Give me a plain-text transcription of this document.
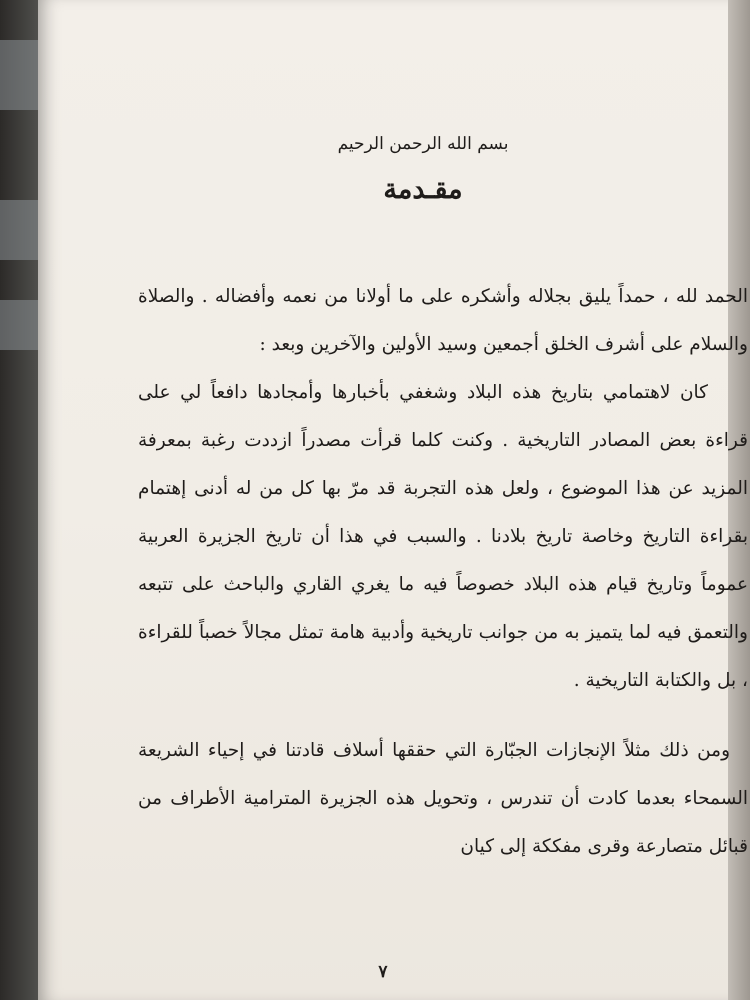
بسم الله الرحمن الرحيم
مقـدمة

الحمد لله ، حمداً يليق بجلاله وأشكره على ما أولانا من نعمه وأفضاله . والصلاة والسلام على أشرف الخلق أجمعين وسيد الأولين والآخرين وبعد :

كان لاهتمامي بتاريخ هذه البلاد وشغفي بأخبارها وأمجادها دافعاً لي على قراءة بعض المصادر التاريخية . وكنت كلما قرأت مصدراً ازددت رغبة بمعرفة المزيد عن هذا الموضوع ، ولعل هذه التجربة قد مرّ بها كل من له أدنى إهتمام بقراءة التاريخ وخاصة تاريخ بلادنا . والسبب في هذا أن تاريخ الجزيرة العربية عموماً وتاريخ قيام هذه البلاد خصوصاً فيه ما يغري القاري والباحث على تتبعه والتعمق فيه لما يتميز به من جوانب تاريخية وأدبية هامة تمثل مجالاً خصباً للقراءة ، بل والكتابة التاريخية .

ومن ذلك مثلاً الإنجازات الجبّارة التي حققها أسلاف قادتنا في إحياء الشريعة السمحاء بعدما كادت أن تندرس ، وتحويل هذه الجزيرة المترامية الأطراف من قبائل متصارعة وقرى مفككة إلى كيان

٧
